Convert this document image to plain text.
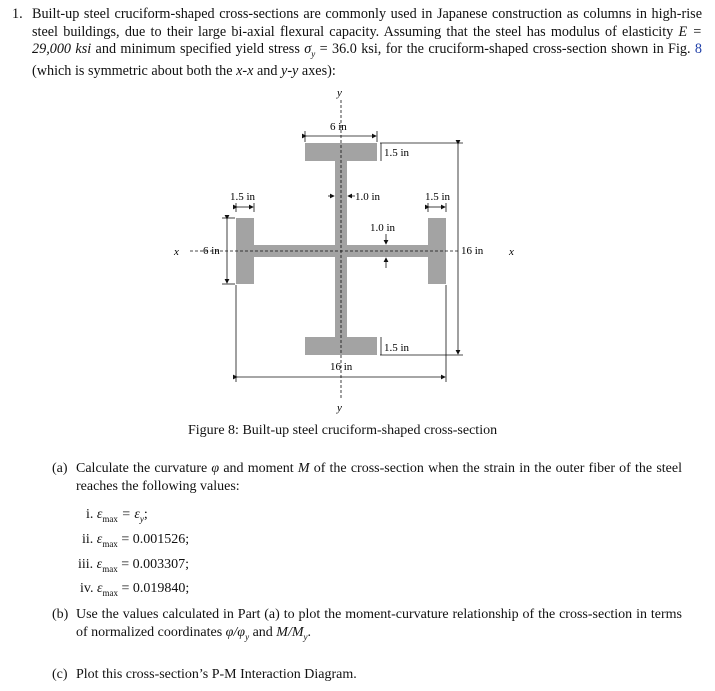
1. Built-up steel cruciform-shaped cross-sections are commonly used in Japanese construction as columns in high-rise steel buildings, due to their large bi-axial flexural capacity. Assuming that the steel has modulus of elasticity E = 29,000 ksi and minimum specified yield stress $\sigma_y = 36.0$ ksi, for the cruciform-shaped cross-section shown in Fig. 8 (which is symmetric about both the x-x and y-y axes):
y
y
x	x
6 in
1.5 in
1.0 in
1.5 in	1.5 in
1.0 in
6 in	16 in
1.5 in
16 in
Figure 8: Built-up steel cruciform-shaped cross-section
(a) Calculate the curvature φ and moment M of the cross-section when the strain in the outer fiber of the steel reaches the following values:
i. $\varepsilon_{max} = \varepsilon_y$;
ii. $\varepsilon_{max} = 0.001526$;
iii. $\varepsilon_{max} = 0.003307$;
iv. $\varepsilon_{max} = 0.019840$;
(b) Use the values calculated in Part (a) to plot the moment-curvature relationship of the cross-section in terms of normalized coordinates $\varphi/\varphi_y$ and $M/M_y$.
(c) Plot this cross-section’s P-M Interaction Diagram.
